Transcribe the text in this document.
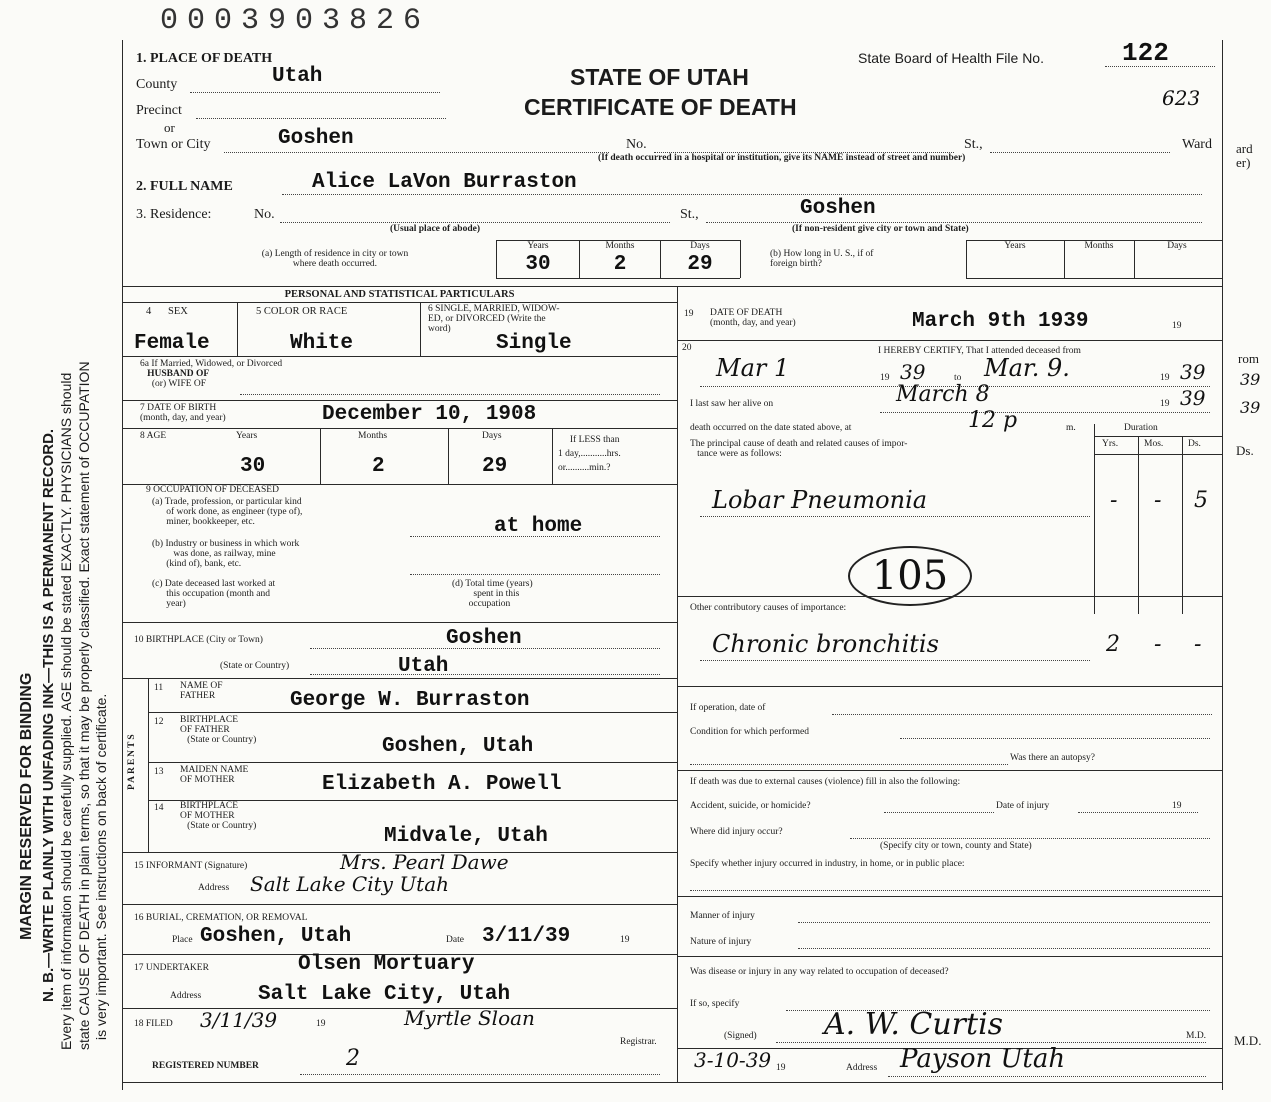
MARGIN RESERVED FOR BINDING N. B.—WRITE PLAINLY WITH UNFADING INK—THIS IS A PERMANENT RECORD. Every item of information should be carefully supplied. AGE should be stated EXACTLY. PHYSICIANS should state CAUSE OF DEATH in plain terms, so that it may be properly classified. Exact statement of OCCUPATION is very important. See instructions on back of certificate.
0003903826
ard
er)
rom
39
39
Ds.
M.D.
1. PLACE OF DEATH
County	Utah
Precinct
or
Town or City	Goshen
STATE OF UTAH
CERTIFICATE OF DEATH
State Board of Health File No.	122
623
No.	St.,	Ward
(If death occurred in a hospital or institution, give its NAME instead of street and number)
2. FULL NAME	Alice LaVon Burraston
3. Residence:	No.	St.,	Goshen
(Usual place of abode)	(If non-resident give city or town and State)
(a) Length of residence in city or town
where death occurred.
Years	Months	Days
30	2	29	(b) How long in U. S., if of
foreign birth?
Years	Months	Days
PERSONAL AND STATISTICAL PARTICULARS
4 SEX
Female
5 COLOR OR RACE
White
6 SINGLE, MARRIED, WIDOW-
ED, or DIVORCED (Write the
word)
Single
6a If Married, Widowed, or Divorced
HUSBAND OF
(or) WIFE OF
7 DATE OF BIRTH
(month, day, and year)	December 10, 1908
8 AGE	Years	Months	Days
30	2	29
If LESS than
1 day,...........hrs.
or..........min.?
9 OCCUPATION OF DECEASED
(a) Trade, profession, or particular kind
of work done, as engineer (type of),
miner, bookkeeper, etc.	at home
(b) Industry or business in which work
was done, as railway, mine
(kind of), bank, etc.
(c) Date deceased last worked at
this occupation (month and
year)
(d) Total time (years)
spent in this
occupation
10 BIRTHPLACE (City or Town)	Goshen
(State or Country)	Utah
PARENTS
11 NAME OF
FATHER	George W. Burraston
12 BIRTHPLACE
OF FATHER
(State or Country)	Goshen, Utah
13 MAIDEN NAME
OF MOTHER	Elizabeth A. Powell
14 BIRTHPLACE
OF MOTHER
(State or Country)	Midvale, Utah
15 INFORMANT (Signature)	Mrs. Pearl Dawe
Address Salt Lake City Utah
16 BURIAL, CREMATION, OR REMOVAL
Place Goshen, Utah	Date 3/11/39	19
17 UNDERTAKER	Olsen Mortuary
Address	Salt Lake City, Utah
18 FILED 3/11/39	19	Myrtle Sloan
Registrar.
REGISTERED NUMBER	2
19 DATE OF DEATH
(month, day, and year)	March 9th 1939	19
20	I HEREBY CERTIFY, That I attended deceased from
Mar 1	19 39	to Mar. 9.	19 39
I last saw her alive on	March 8	19 39
death occurred on the date stated above, at	12 p	m.	Duration
The principal cause of death and related causes of impor-
tance were as follows:
Yrs.	Mos.	Ds.
Lobar Pneumonia	- - 5
105
Other contributory causes of importance:
Chronic bronchitis	2 - -
If operation, date of
Condition for which performed
Was there an autopsy?
If death was due to external causes (violence) fill in also the following:
Accident, suicide, or homicide?	Date of injury	19
Where did injury occur?
(Specify city or town, county and State)
Specify whether injury occurred in industry, in home, or in public place:
Manner of injury
Nature of injury
Was disease or injury in any way related to occupation of deceased?
If so, specify
(Signed) A. W. Curtis	M.D.
3-10-39 19	Address Payson Utah
